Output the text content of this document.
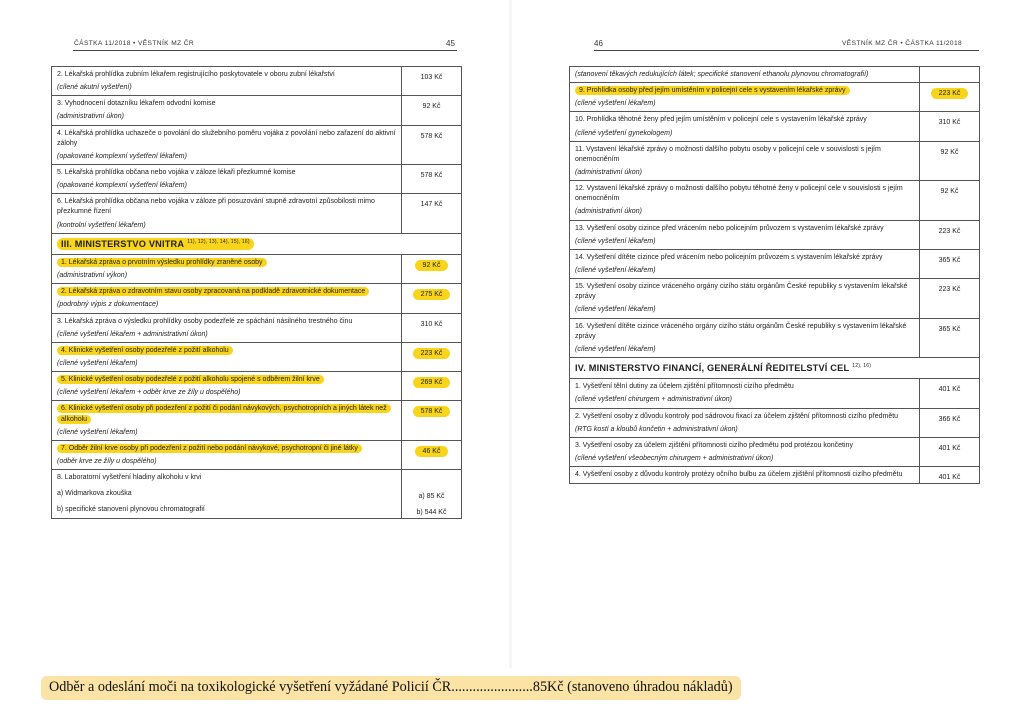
ČÁSTKA 11/2018 • VĚSTNÍK MZ ČR	45
2. Lékařská prohlídka zubním lékařem registrujícího poskytovatele v oboru zubní lékařství
(cílené akutní vyšetření)	103 Kč

3. Vyhodnocení dotazníku lékařem odvodní komise
(administrativní úkon)	92 Kč

4. Lékařská prohlídka uchazeče o povolání do služebního poměru vojáka z povolání nebo zařazení do aktivní zálohy
(opakované komplexní vyšetření lékařem)	578 Kč

5. Lékařská prohlídka občana nebo vojáka v záloze lékaři přezkumné komise
(opakované komplexní vyšetření lékařem)	578 Kč

6. Lékařská prohlídka občana nebo vojáka v záloze při posuzování stupně zdravotní způsobilosti mimo přezkumné řízení
(kontrolní vyšetření lékařem)	147 Kč
III. MINISTERSTVO VNITRA $^{11), 12), 13), 14), 15), 16)}$

1. Lékařská zpráva o prvotním výsledku prohlídky zraněné osoby
(administrativní výkon)	92 Kč

2. Lékařská zpráva o zdravotním stavu osoby zpracovaná na podkladě zdravotnické dokumentace
(podrobný výpis z dokumentace)	275 Kč

3. Lékařská zpráva o výsledku prohlídky osoby podezřelé ze spáchání násilného trestného činu
(cílené vyšetření lékařem + administrativní úkon)	310 Kč

4. Klinické vyšetření osoby podezřelé z požití alkoholu
(cílené vyšetření lékařem)	223 Kč

5. Klinické vyšetření osoby podezřelé z požití alkoholu spojené s odběrem žilní krve
(cílené vyšetření lékařem + odběr krve ze žíly u dospělého)	269 Kč

6. Klinické vyšetření osoby při podezření z požití či podání návykových, psychotropních a jiných látek než alkoholu
(cílené vyšetření lékařem)	578 Kč

7. Odběr žilní krve osoby při podezření z požití nebo podání návykové, psychotropní či jiné látky
(odběr krve ze žíly u dospělého)	46 Kč

8. Laboratorní vyšetření hladiny alkoholu v krvi
a) Widmarkova zkouška
b) specifické stanovení plynovou chromatografií	a) 85 Kč
b) 544 Kč
46	VĚSTNÍK MZ ČR • ČÁSTKA 11/2018
(stanovení těkavých redukujících látek; specifické stanovení ethanolu plynovou chromatografií)	

9. Prohlídka osoby před jejím umístěním v policejní cele s vystavením lékařské zprávy
(cílené vyšetření lékařem)	223 Kč

10. Prohlídka těhotné ženy před jejím umístěním v policejní cele s vystavením lékařské zprávy
(cílené vyšetření gynekologem)	310 Kč

11. Vystavení lékařské zprávy o možnosti dalšího pobytu osoby v policejní cele v souvislosti s jejím onemocněním
(administrativní úkon)	92 Kč

12. Vystavení lékařské zprávy o možnosti dalšího pobytu těhotné ženy v policejní cele v souvislosti s jejím onemocněním
(administrativní úkon)	92 Kč

13. Vyšetření osoby cizince před vrácením nebo policejním průvozem s vystavením lékařské zprávy
(cílené vyšetření lékařem)	223 Kč

14. Vyšetření dítěte cizince před vrácením nebo policejním průvozem s vystavením lékařské zprávy
(cílené vyšetření lékařem)	365 Kč

15. Vyšetření osoby cizince vráceného orgány cizího státu orgánům České republiky s vystavením lékařské zprávy
(cílené vyšetření lékařem)	223 Kč

16. Vyšetření dítěte cizince vráceného orgány cizího státu orgánům České republiky s vystavením lékařské zprávy
(cílené vyšetření lékařem)	365 Kč
IV. MINISTERSTVO FINANCÍ, GENERÁLNÍ ŘEDITELSTVÍ CEL $^{12), 16)}$

1. Vyšetření tělní dutiny za účelem zjištění přítomnosti cizího předmětu
(cílené vyšetření chirurgem + administrativní úkon)	401 Kč

2. Vyšetření osoby z důvodu kontroly pod sádrovou fixací za účelem zjištění přítomnosti cizího předmětu
(RTG kostí a kloubů končetin + administrativní úkon)	366 Kč

3. Vyšetření osoby za účelem zjištění přítomnosti cizího předmětu pod protézou končetiny
(cílené vyšetření všeobecným chirurgem + administrativní úkon)	401 Kč

4. Vyšetření osoby z důvodu kontroly protézy očního bulbu za účelem zjištění přítomnosti cizího předmětu	401 Kč
Odběr a odeslání moči na toxikologické vyšetření vyžádané Policií ČR.......................85Kč (stanoveno úhradou nákladů)
